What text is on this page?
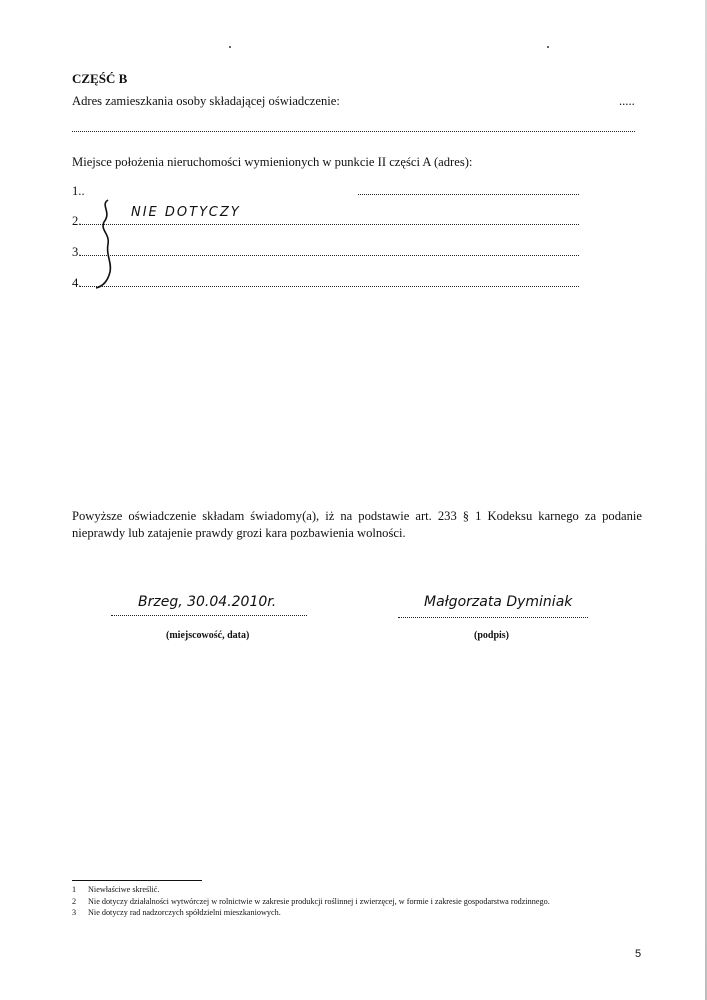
CZĘŚĆ B
Adres zamieszkania osoby składającej oświadczenie:	.....
Miejsce położenia nieruchomości wymienionych w punkcie II części A (adres):
1..
2.
3.
4.
NIE DOTYCZY
Powyższe oświadczenie składam świadomy(a), iż na podstawie art. 233 § 1 Kodeksu karnego za podanie nieprawdy lub zatajenie prawdy grozi kara pozbawienia wolności.
Brzeg, 30.04.2010r.
(miejscowość, data)
Małgorzata Dyminiak
(podpis)
1 Niewłaściwe skreślić.
2 Nie dotyczy działalności wytwórczej w rolnictwie w zakresie produkcji roślinnej i zwierzęcej, w formie i zakresie gospodarstwa rodzinnego.
3 Nie dotyczy rad nadzorczych spółdzielni mieszkaniowych.
5
